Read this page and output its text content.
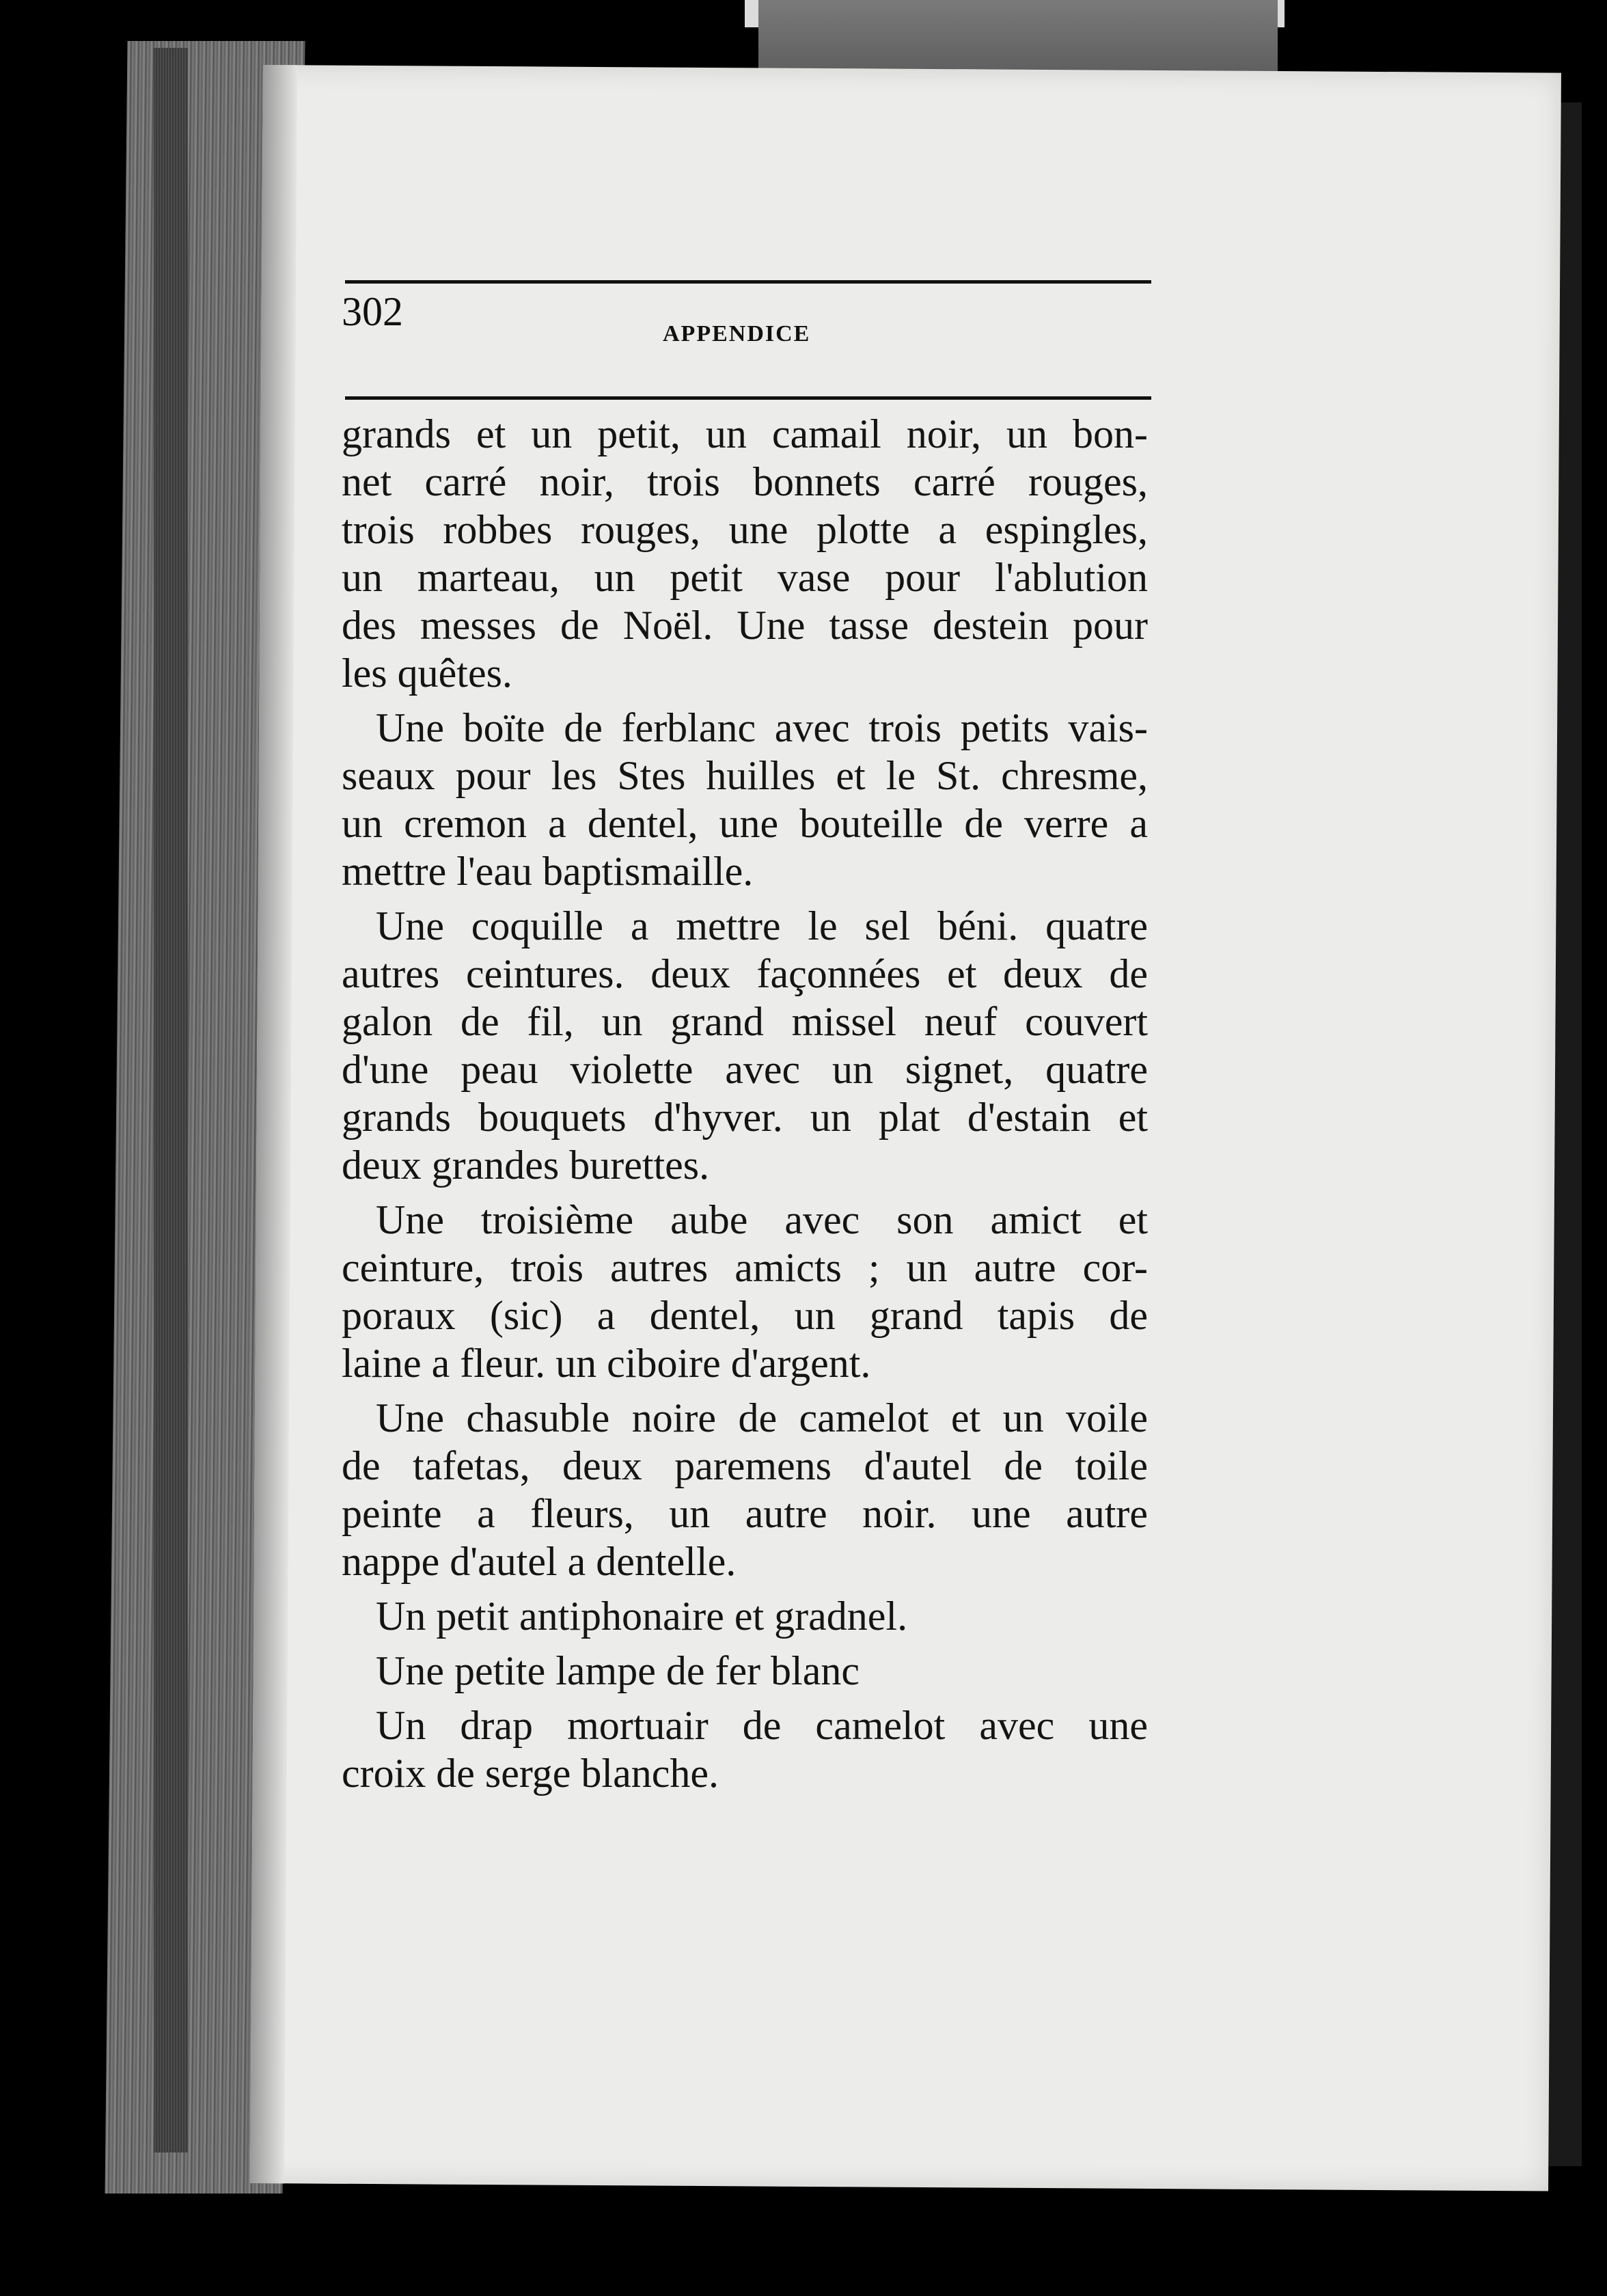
302	APPENDICE

grands et un petit, un camail noir, un bon-
net carré noir, trois bonnets carré rouges,
trois robbes rouges, une plotte a espingles,
un marteau, un petit vase pour l'ablution
des messes de Noël. Une tasse destein pour
les quêtes.
Une boïte de ferblanc avec trois petits vais-
seaux pour les Stes huilles et le St. chresme,
un cremon a dentel, une bouteille de verre a
mettre l'eau baptismaille.
Une coquille a mettre le sel béni. quatre
autres ceintures. deux façonnées et deux de
galon de fil, un grand missel neuf couvert
d'une peau violette avec un signet, quatre
grands bouquets d'hyver. un plat d'estain et
deux grandes burettes.
Une troisième aube avec son amict et
ceinture, trois autres amicts ; un autre cor-
poraux (sic) a dentel, un grand tapis de
laine a fleur. un ciboire d'argent.
Une chasuble noire de camelot et un voile
de tafetas, deux paremens d'autel de toile
peinte a fleurs, un autre noir. une autre
nappe d'autel a dentelle.
Un petit antiphonaire et gradnel.
Une petite lampe de fer blanc
Un drap mortuair de camelot avec une
croix de serge blanche.
